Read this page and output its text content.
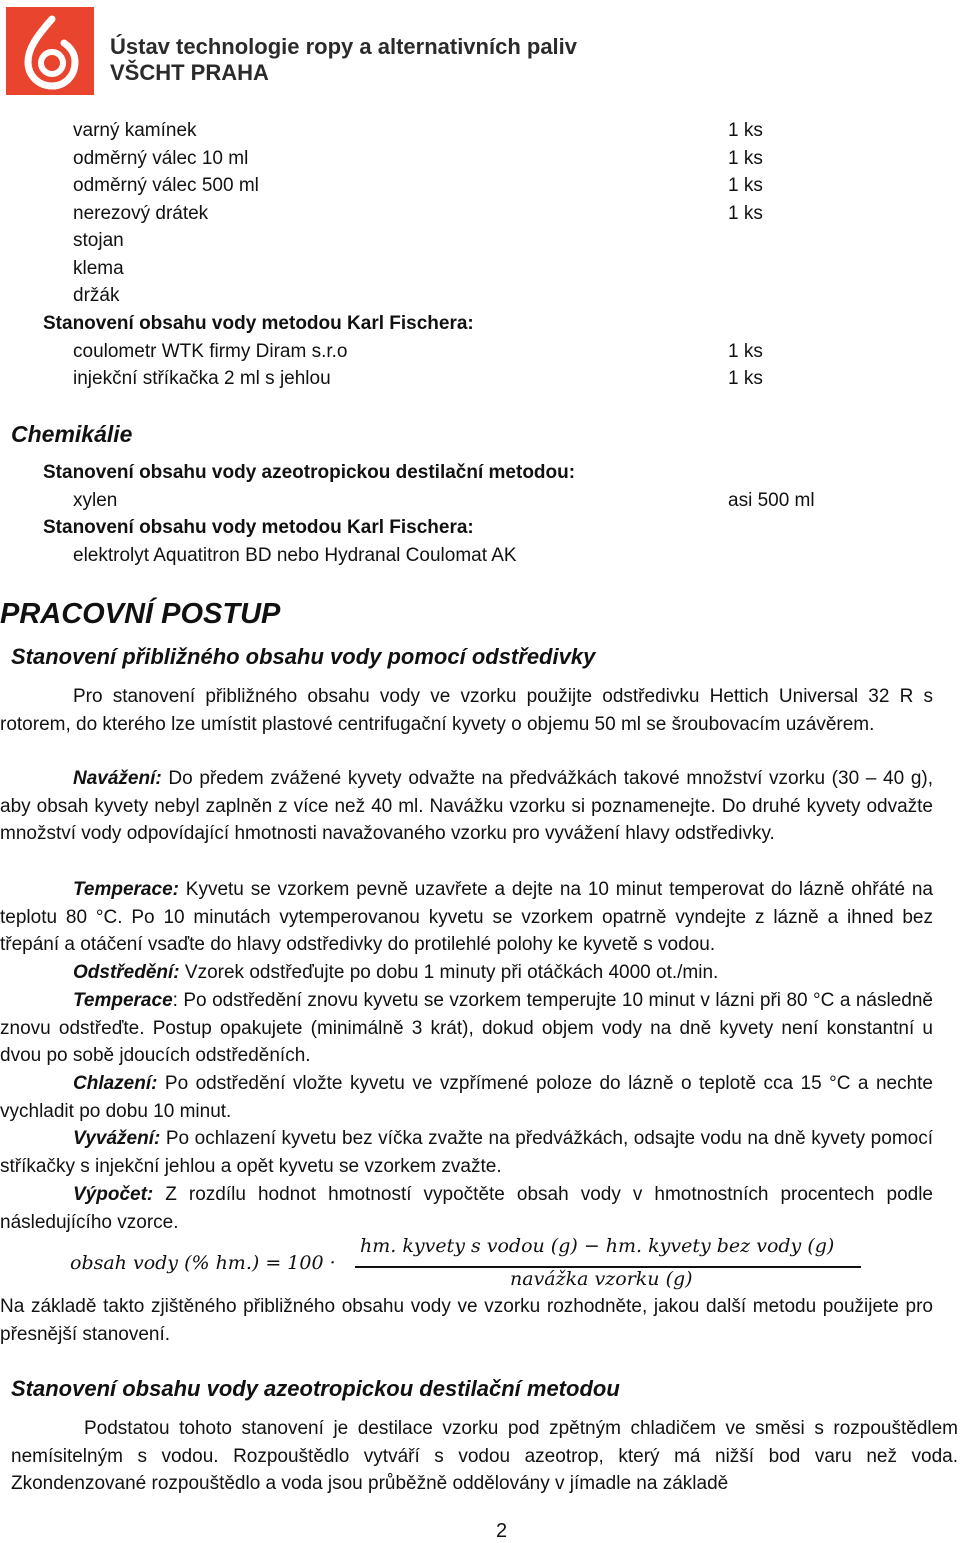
Ústav technologie ropy a alternativních paliv
VŠCHT PRAHA
varný kamínek	1 ks
odměrný válec 10 ml	1 ks
odměrný válec 500 ml	1 ks
nerezový drátek	1 ks
stojan
klema
držák
Stanovení obsahu vody metodou Karl Fischera:
coulometr WTK firmy Diram s.r.o	1 ks
injekční stříkačka 2 ml s jehlou	1 ks
Chemikálie
Stanovení obsahu vody azeotropickou destilační metodou:
xylen	asi 500 ml
Stanovení obsahu vody metodou Karl Fischera:
elektrolyt Aquatitron BD nebo Hydranal Coulomat AK
PRACOVNÍ POSTUP
Stanovení přibližného obsahu vody pomocí odstředivky
Pro stanovení přibližného obsahu vody ve vzorku použijte odstředivku Hettich Universal 32 R s rotorem, do kterého lze umístit plastové centrifugační kyvety o objemu 50 ml se šroubovacím uzávěrem.
Navážení: Do předem zvážené kyvety odvažte na předvážkách takové množství vzorku (30 – 40 g), aby obsah kyvety nebyl zaplněn z více než 40 ml. Navážku vzorku si poznamenejte. Do druhé kyvety odvažte množství vody odpovídající hmotnosti navažovaného vzorku pro vyvážení hlavy odstředivky.
Temperace: Kyvetu se vzorkem pevně uzavřete a dejte na 10 minut temperovat do lázně ohřáté na teplotu 80 °C. Po 10 minutách vytemperovanou kyvetu se vzorkem opatrně vyndejte z lázně a ihned bez třepání a otáčení vsaďte do hlavy odstředivky do protilehlé polohy ke kyvetě s vodou.
Odstředění: Vzorek odstřeďujte po dobu 1 minuty při otáčkách 4000 ot./min.
Temperace: Po odstředění znovu kyvetu se vzorkem temperujte 10 minut v lázni při 80 °C a následně znovu odstřeďte. Postup opakujete (minimálně 3 krát), dokud objem vody na dně kyvety není konstantní u dvou po sobě jdoucích odstředěních.
Chlazení: Po odstředění vložte kyvetu ve vzpřímené poloze do lázně o teplotě cca 15 °C a nechte vychladit po dobu 10 minut.
Vyvážení: Po ochlazení kyvetu bez víčka zvažte na předvážkách, odsajte vodu na dně kyvety pomocí stříkačky s injekční jehlou a opět kyvetu se vzorkem zvažte.
Výpočet: Z rozdílu hodnot hmotností vypočtěte obsah vody v hmotnostních procentech podle následujícího vzorce.
obsah vody (% hm.) = 100 ·
hm. kyvety s vodou (g) − hm. kyvety bez vody (g)
navážka vzorku (g)
Na základě takto zjištěného přibližného obsahu vody ve vzorku rozhodněte, jakou další metodu použijete pro přesnější stanovení.
Stanovení obsahu vody azeotropickou destilační metodou
Podstatou tohoto stanovení je destilace vzorku pod zpětným chladičem ve směsi s rozpouštědlem nemísitelným s vodou. Rozpouštědlo vytváří s vodou azeotrop, který má nižší bod varu než voda. Zkondenzované rozpouštědlo a voda jsou průběžně oddělovány v jímadle na základě
2
